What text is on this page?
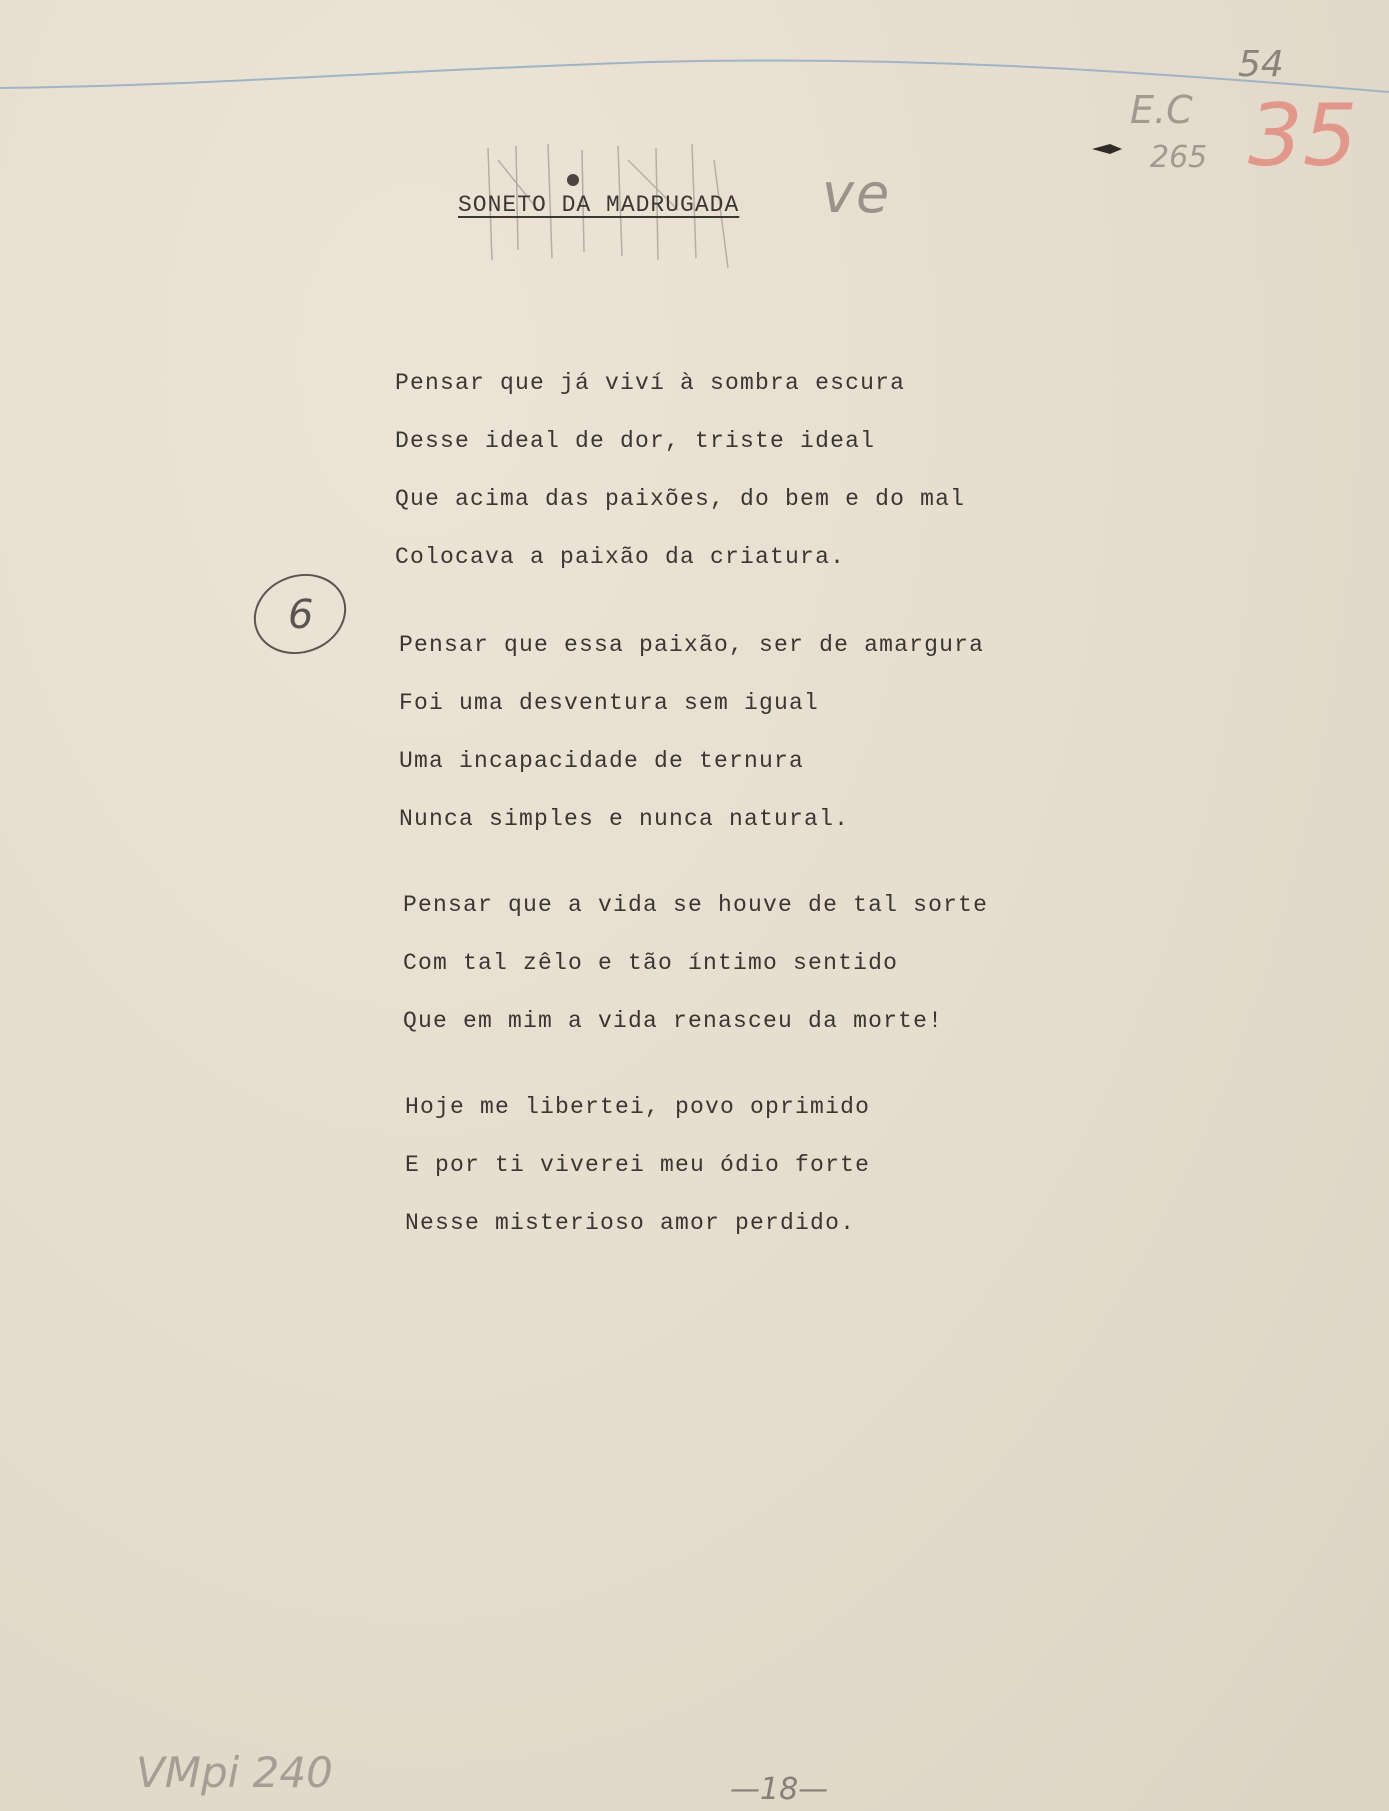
SONETO DA MADRUGADA ve
E.C
265
54
35
6
Pensar que já viví à sombra escura
Desse ideal de dor, triste ideal
Que acima das paixões, do bem e do mal
Colocava a paixão da criatura.
Pensar que essa paixão, ser de amargura
Foi uma desventura sem igual
Uma incapacidade de ternura
Nunca simples e nunca natural.
Pensar que a vida se houve de tal sorte
Com tal zêlo e tão íntimo sentido
Que em mim a vida renasceu da morte!
Hoje me libertei, povo oprimido
E por ti viverei meu ódio forte
Nesse misterioso amor perdido.
VMpi 240	—18—
